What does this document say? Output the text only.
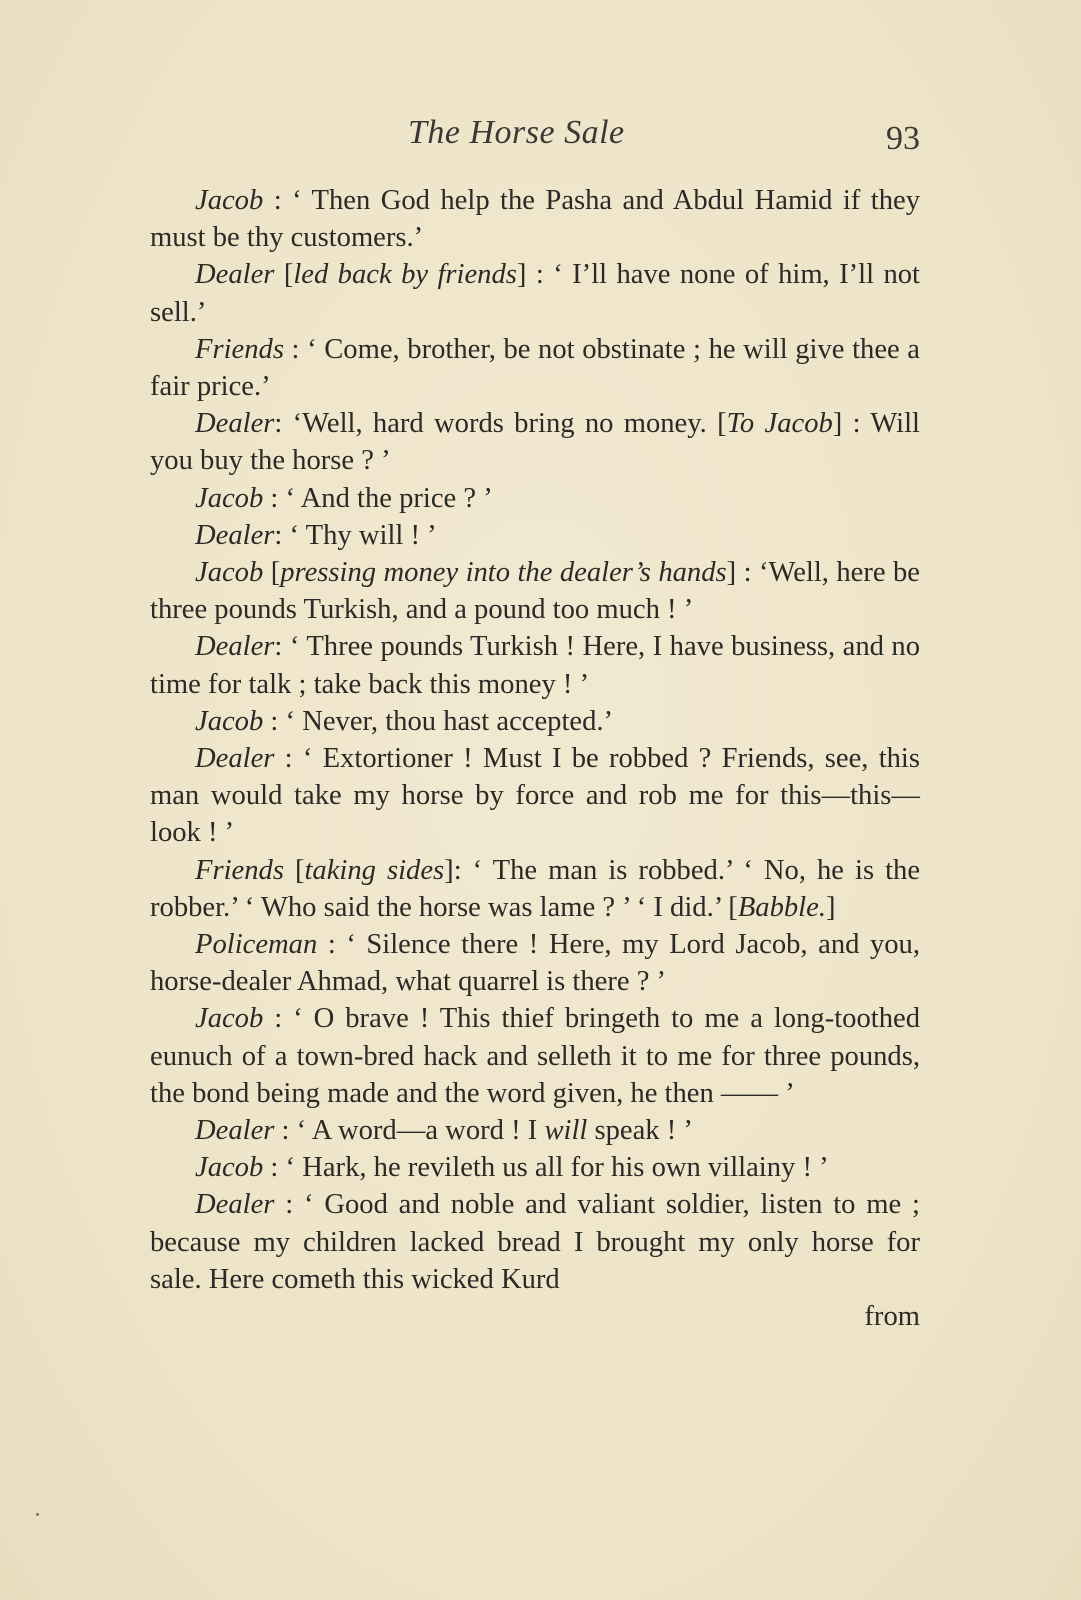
The Horse Sale	93

Jacob : ‘ Then God help the Pasha and Abdul Hamid if they must be thy customers.’

Dealer [led back by friends] : ‘ I’ll have none of him, I’ll not sell.’

Friends : ‘ Come, brother, be not obstinate ; he will give thee a fair price.’

Dealer: ‘Well, hard words bring no money. [To Jacob] : Will you buy the horse ? ’

Jacob : ‘ And the price ? ’

Dealer: ‘ Thy will ! ’

Jacob [pressing money into the dealer’s hands] : ‘Well, here be three pounds Turkish, and a pound too much ! ’

Dealer: ‘ Three pounds Turkish ! Here, I have business, and no time for talk ; take back this money ! ’

Jacob : ‘ Never, thou hast accepted.’

Dealer : ‘ Extortioner ! Must I be robbed ? Friends, see, this man would take my horse by force and rob me for this—this—look ! ’

Friends [taking sides]: ‘ The man is robbed.’ ‘ No, he is the robber.’ ‘ Who said the horse was lame ? ’ ‘ I did.’ [Babble.]

Policeman : ‘ Silence there ! Here, my Lord Jacob, and you, horse-dealer Ahmad, what quarrel is there ? ’

Jacob : ‘ O brave ! This thief bringeth to me a long-toothed eunuch of a town-bred hack and selleth it to me for three pounds, the bond being made and the word given, he then —— ’

Dealer : ‘ A word—a word ! I will speak ! ’

Jacob : ‘ Hark, he revileth us all for his own villainy ! ’

Dealer : ‘ Good and noble and valiant soldier, listen to me ; because my children lacked bread I brought my only horse for sale. Here cometh this wicked Kurd

from
